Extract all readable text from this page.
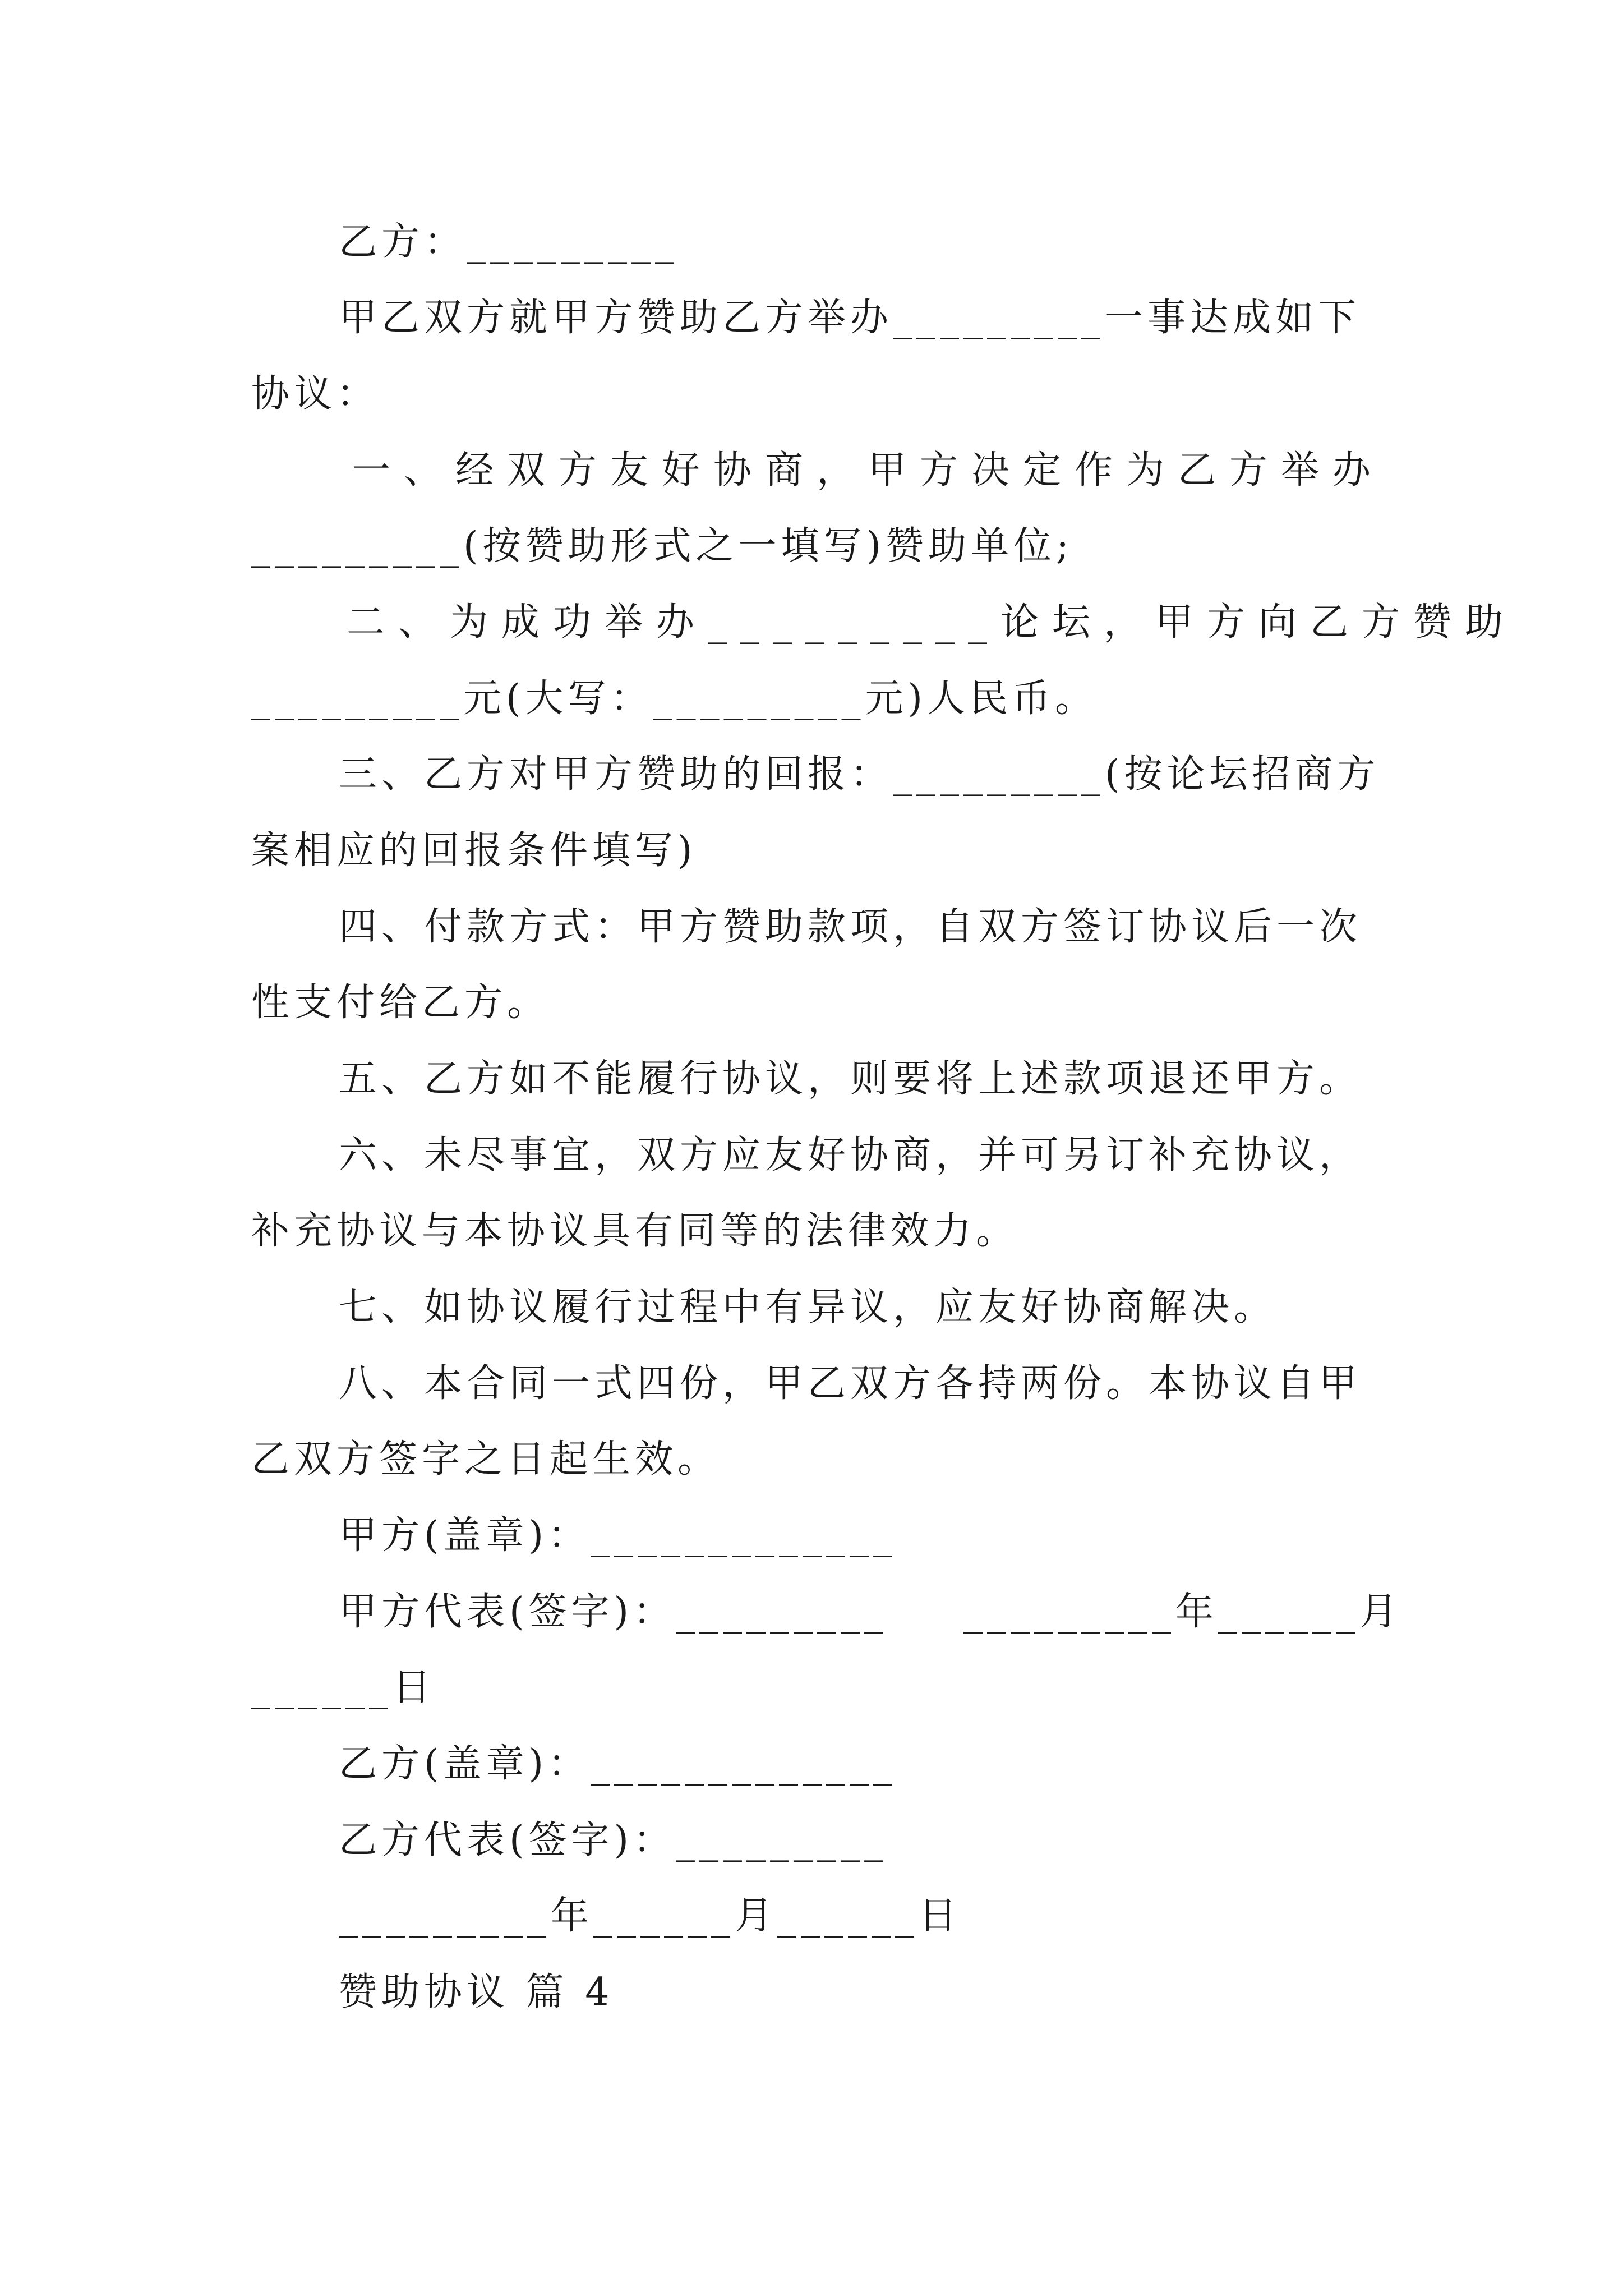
乙方：_________
甲乙双方就甲方赞助乙方举办_________一事达成如下
协议：
一、经双方友好协商，甲方决定作为乙方举办
_________(按赞助形式之一填写)赞助单位;
二、为成功举办_________论坛，甲方向乙方赞助
_________元(大写：_________元)人民币。
三、乙方对甲方赞助的回报：_________(按论坛招商方
案相应的回报条件填写)
四、付款方式：甲方赞助款项，自双方签订协议后一次
性支付给乙方。
五、乙方如不能履行协议，则要将上述款项退还甲方。
六、未尽事宜，双方应友好协商，并可另订补充协议，
补充协议与本协议具有同等的法律效力。
七、如协议履行过程中有异议，应友好协商解决。
八、本合同一式四份，甲乙双方各持两份。本协议自甲
乙双方签字之日起生效。
甲方(盖章)：_____________
甲方代表(签字)：_________ _________年______月
______日
乙方(盖章)：_____________
乙方代表(签字)：_________
_________年______月______日
赞助协议 篇 4
